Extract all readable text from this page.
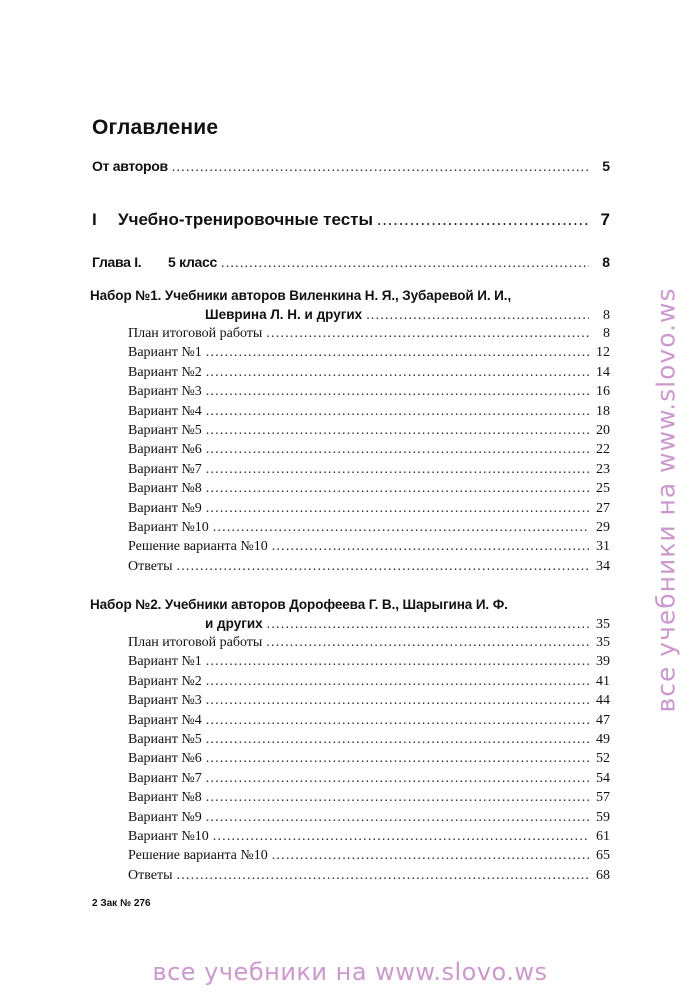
Оглавление
От авторов .....	5
I Учебно-тренировочные тесты .....	7
Глава I. 5 класс .....	8
Набор №1. Учебники авторов Виленкина Н. Я., Зубаревой И. И.,
Шеврина Л. Н. и других .....	8
План итоговой работы .....	8
Вариант №1 .....	12
Вариант №2 .....	14
Вариант №3 .....	16
Вариант №4 .....	18
Вариант №5 .....	20
Вариант №6 .....	22
Вариант №7 .....	23
Вариант №8 .....	25
Вариант №9 .....	27
Вариант №10 .....	29
Решение варианта №10 .....	31
Ответы .....	34
Набор №2. Учебники авторов Дорофеева Г. В., Шарыгина И. Ф.
и других .....	35
План итоговой работы .....	35
Вариант №1 .....	39
Вариант №2 .....	41
Вариант №3 .....	44
Вариант №4 .....	47
Вариант №5 .....	49
Вариант №6 .....	52
Вариант №7 .....	54
Вариант №8 .....	57
Вариант №9 .....	59
Вариант №10 .....	61
Решение варианта №10 .....	65
Ответы .....	68
2 Зак № 276
все учебники на www.slovo.ws
все учебники на www.slovo.ws
